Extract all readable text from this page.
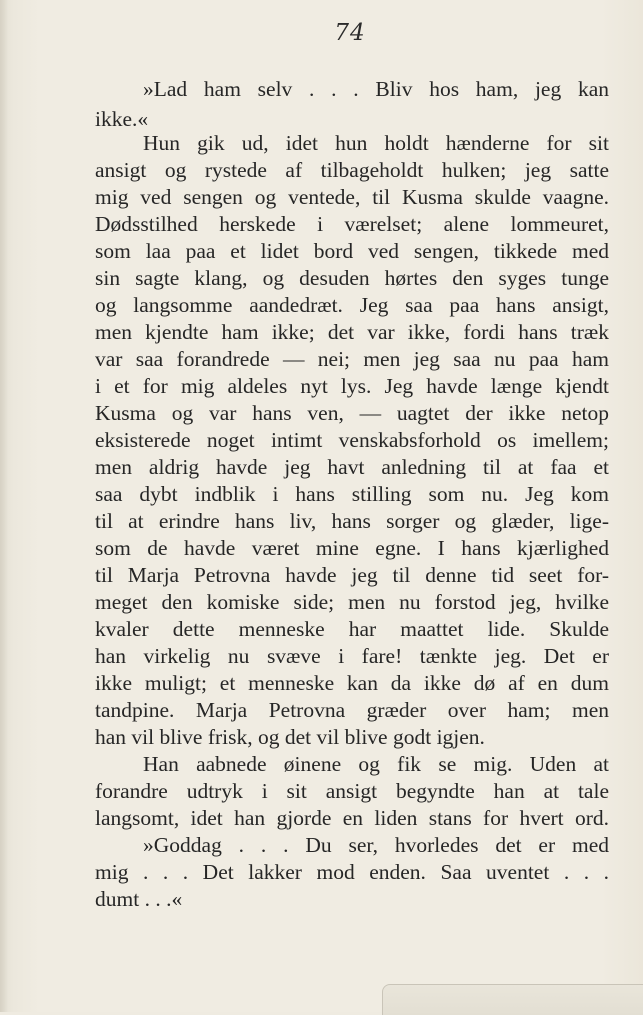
74
»Lad ham selv . . . Bliv hos ham, jeg kan
ikke.«
Hun gik ud, idet hun holdt hænderne for sit
ansigt og rystede af tilbageholdt hulken; jeg satte
mig ved sengen og ventede, til Kusma skulde vaagne.
Dødsstilhed herskede i værelset; alene lommeuret,
som laa paa et lidet bord ved sengen, tikkede med
sin sagte klang, og desuden hørtes den syges tunge
og langsomme aandedræt. Jeg saa paa hans ansigt,
men kjendte ham ikke; det var ikke, fordi hans træk
var saa forandrede — nei; men jeg saa nu paa ham
i et for mig aldeles nyt lys. Jeg havde længe kjendt
Kusma og var hans ven, — uagtet der ikke netop
eksisterede noget intimt venskabsforhold os imellem;
men aldrig havde jeg havt anledning til at faa et
saa dybt indblik i hans stilling som nu. Jeg kom
til at erindre hans liv, hans sorger og glæder, lige-
som de havde været mine egne. I hans kjærlighed
til Marja Petrovna havde jeg til denne tid seet for-
meget den komiske side; men nu forstod jeg, hvilke
kvaler dette menneske har maattet lide. Skulde
han virkelig nu svæve i fare! tænkte jeg. Det er
ikke muligt; et menneske kan da ikke dø af en dum
tandpine. Marja Petrovna græder over ham; men
han vil blive frisk, og det vil blive godt igjen.
Han aabnede øinene og fik se mig. Uden at
forandre udtryk i sit ansigt begyndte han at tale
langsomt, idet han gjorde en liden stans for hvert ord.
»Goddag . . . Du ser, hvorledes det er med
mig . . . Det lakker mod enden. Saa uventet . . .
dumt . . .«
